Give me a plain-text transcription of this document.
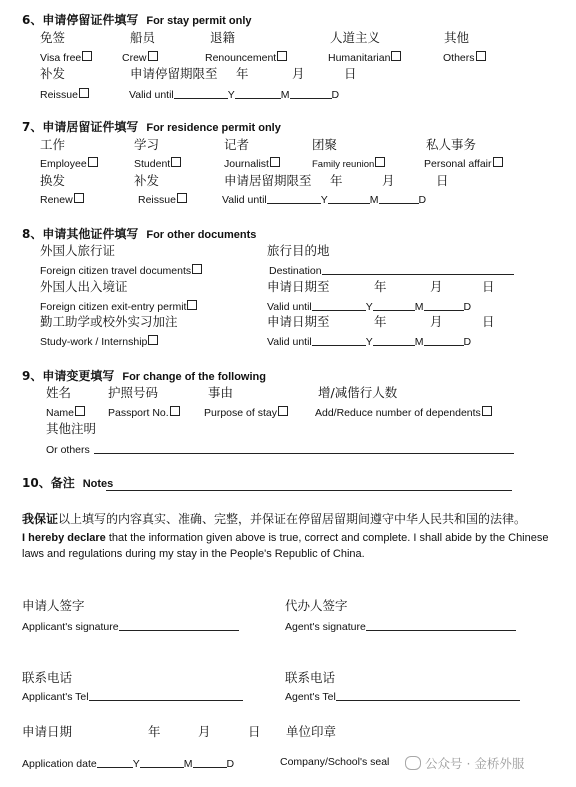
6、申请停留证件填写 For stay permit only
免签	船员	退籍	人道主义	其他
Visa free	Crew	Renouncement	Humanitarian	Others
补发	申请停留期限至 年	月	日
Reissue	Valid until	Y	M	D
7、申请居留证件填写 For residence permit only
工作	学习	记者	团聚	私人事务
Employee	Student	Journalist	Family reunion	Personal affair
换发	补发	申请居留期限至 年	月	日
Renew	Reissue	Valid until	Y	M	D
8、申请其他证件填写 For other documents
外国人旅行证	旅行目的地
Foreign citizen travel documents	Destination
外国人出入境证	申请日期至	年	月	日
Foreign citizen exit-entry permit	Valid until	Y	M	D
勤工助学或校外实习加注	申请日期至	年	月	日
Study-work / Internship	Valid until	Y	M	D
9、申请变更填写 For change of the following
姓名	护照号码	事由	增/减偕行人数
Name	Passport No.	Purpose of stay	Add/Reduce number of dependents
其他注明
Or others
10、备注 Notes
我保证以上填写的内容真实、准确、完整，并保证在停留居留期间遵守中华人民共和国的法律。
I hereby declare that the information given above is true, correct and complete. I shall abide by the Chinese laws and regulations during my stay in the People's Republic of China.
申请人签字
Applicant's signature
代办人签字
Agent's signature
联系电话
Applicant's Tel
联系电话
Agent's Tel
申请日期	年	月	日 单位印章
Application date	Y	M	D	Company/School's seal	公众号 · 金桥外服
